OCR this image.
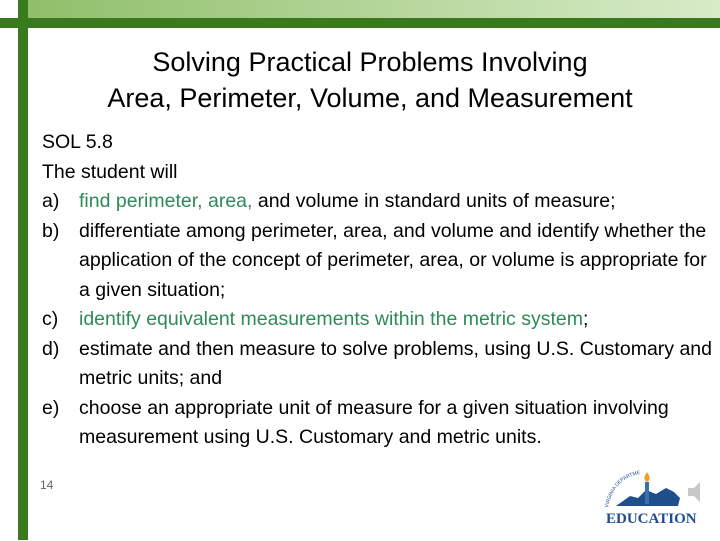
Solving Practical Problems Involving
Area, Perimeter, Volume, and Measurement

SOL 5.8

The student will

a) find perimeter, area, and volume in standard units of measure;
b) differentiate among perimeter, area, and volume and identify whether the application of the concept of perimeter, area, or volume is appropriate for a given situation;
c) identify equivalent measurements within the metric system;
d) estimate and then measure to solve problems, using U.S. Customary and metric units; and
e) choose an appropriate unit of measure for a given situation involving measurement using U.S. Customary and metric units.
14
VIRGINIA DEPARTME
EDUCATION
